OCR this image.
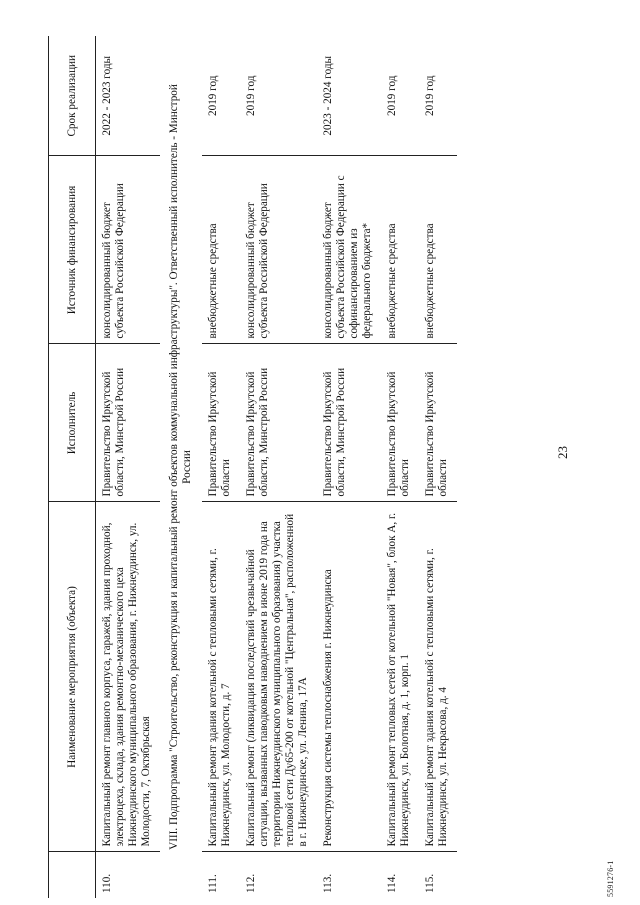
	Наименование мероприятия (объекта)	Исполнитель	Источник финансирования	Срок реализации
110.	Капитальный ремонт главного корпуса, гаражей, здания проходной, электроцеха, склада, здания ремонтно-механического цеха Нижнеудинского муниципального образования, г. Нижнеудинск, ул. Молодости, 7, Октябрьская	Правительство Иркутской области, Минстрой России	консолидированный бюджет субъекта Российской Федерации	2022 - 2023 годы
VIII. Подпрограмма "Строительство, реконструкция и капитальный ремонт объектов коммунальной инфраструктуры". Ответственный исполнитель - Минстрой России				
111.	Капитальный ремонт здания котельной с тепловыми сетями, г. Нижнеудинск, ул. Молодости, д. 7	Правительство Иркутской области	внебюджетные средства	2019 год
112.	Капитальный ремонт (ликвидация последствий чрезвычайной ситуации, вызванных паводковым наводнением в июне 2019 года на территории Нижнеудинского муниципального образования) участка тепловой сети Ду65-200 от котельной "Центральная", расположенной в г. Нижнеудинске, ул. Ленина, 17А	Правительство Иркутской области, Минстрой России	консолидированный бюджет субъекта Российской Федерации	2019 год
113.	Реконструкция системы теплоснабжения г. Нижнеудинска	Правительство Иркутской области, Минстрой России	консолидированный бюджет субъекта Российской Федерации с софинансированием из федерального бюджета*	2023 - 2024 годы
114.	Капитальный ремонт тепловых сетей от котельной "Новая", блок А, г. Нижнеудинск, ул. Болотная, д. 1, корп. 1	Правительство Иркутской области	внебюджетные средства	2019 год
115.	Капитальный ремонт здания котельной с тепловыми сетями, г. Нижнеудинск, ул. Некрасова, д. 4	Правительство Иркутской области	внебюджетные средства	2019 год
23
5591276-1
